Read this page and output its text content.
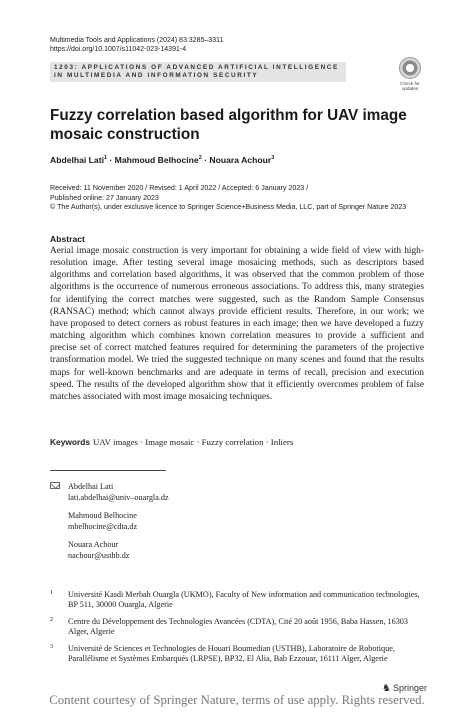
Multimedia Tools and Applications (2024) 83:3285–3311
https://doi.org/10.1007/s11042-023-14391-4
1203: APPLICATIONS OF ADVANCED ARTIFICIAL INTELLIGENCE
IN MULTIMEDIA AND INFORMATION SECURITY
Check for
updates
Fuzzy correlation based algorithm for UAV image mosaic construction
Abdelhai Lati$^1$ · Mahmoud Belhocine$^2$ · Nouara Achour$^3$
Received: 11 November 2020 / Revised: 1 April 2022 / Accepted: 6 January 2023 /
Published online: 27 January 2023
© The Author(s), under exclusive licence to Springer Science+Business Media, LLC, part of Springer Nature 2023
Abstract
Aerial image mosaic construction is very important for obtaining a wide field of view with high-resolution image. After testing several image mosaicing methods, such as descriptors based algorithms and correlation based algorithms, it was observed that the common problem of those algorithms is the occurrence of numerous erroneous associations. To address this, many strategies for identifying the correct matches were suggested, such as the Random Sample Consensus (RANSAC) method; which cannot always provide efficient results. Therefore, in our work; we have proposed to detect corners as robust features in each image; then we have developed a fuzzy matching algorithm which combines known correlation measures to provide a sufficient and precise set of correct matched features required for determining the parameters of the projective transformation model. We tried the suggested technique on many scenes and found that the results maps for well-known benchmarks and are adequate in terms of recall, precision and execution speed. The results of the developed algorithm show that it efficiently overcomes problem of false matches associated with most image mosaicing techniques.
Keywords UAV images · Image mosaic · Fuzzy correlation · Inliers
Abdelhai Lati
lati.abdelhai@univ–ouargla.dz
Mahmoud Belhocine
mbelhocine@cdta.dz
Nouara Achour
nachour@usthb.dz
1 Université Kasdi Merbah Ouargla (UKMO), Faculty of New information and communication technologies, BP 511, 30000 Ouargla, Algerie
2 Centre du Développement des Technologies Avancées (CDTA), Cité 20 août 1956, Baba Hassen, 16303 Alger, Algerie
3 Université de Sciences et Technologies de Houari Boumedian (USTHB), Laboratoire de Robotique, Parallélisme et Systèmes Embarqués (LRPSE), BP32, El Alia, Bab Ezzouar, 16111 Alger, Algerie
♞ Springer
Content courtesy of Springer Nature, terms of use apply. Rights reserved.
